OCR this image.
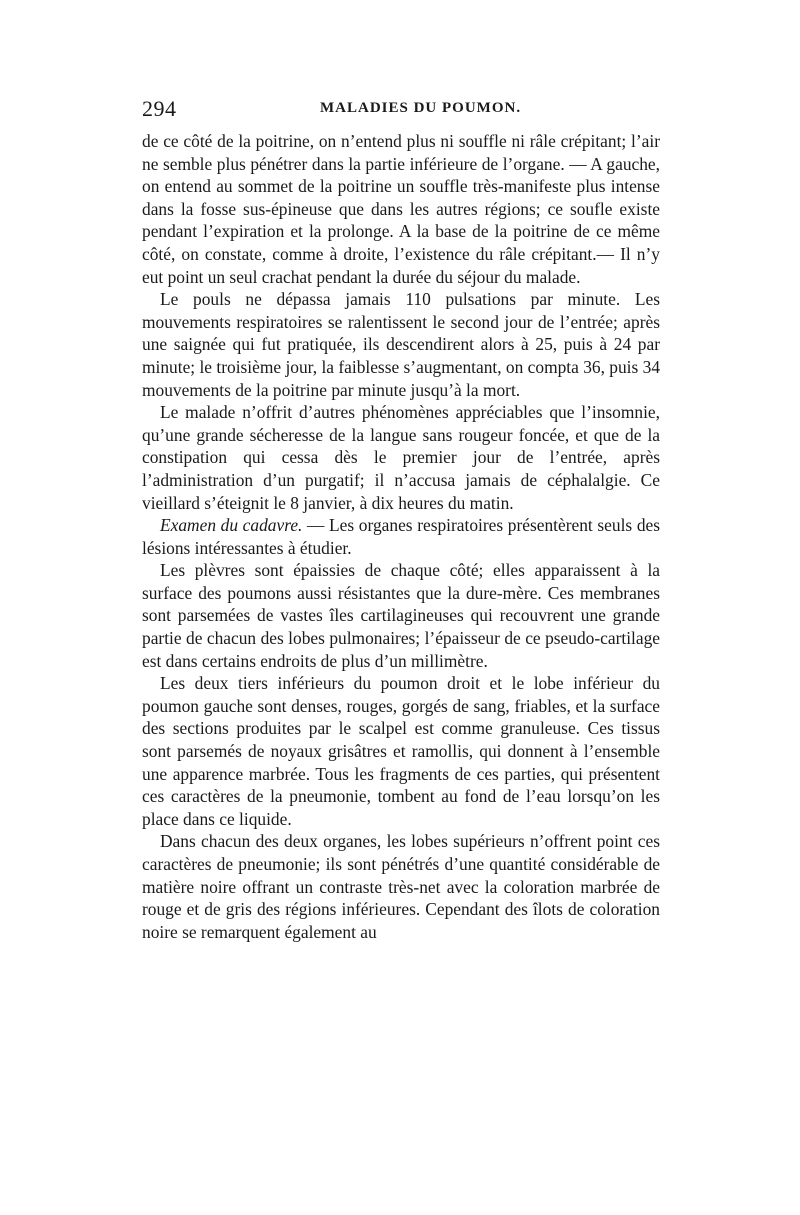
294	MALADIES DU POUMON.

de ce côté de la poitrine, on n’entend plus ni souffle ni râle crépitant; l’air ne semble plus pénétrer dans la partie inférieure de l’organe. — A gauche, on entend au sommet de la poitrine un souffle très-manifeste plus intense dans la fosse sus-épineuse que dans les autres régions; ce soufle existe pendant l’expiration et la prolonge. A la base de la poitrine de ce même côté, on constate, comme à droite, l’existence du râle crépitant.— Il n’y eut point un seul crachat pendant la durée du séjour du malade.

Le pouls ne dépassa jamais 110 pulsations par minute. Les mouvements respiratoires se ralentissent le second jour de l’entrée; après une saignée qui fut pratiquée, ils descendirent alors à 25, puis à 24 par minute; le troisième jour, la faiblesse s’augmentant, on compta 36, puis 34 mouvements de la poitrine par minute jusqu’à la mort.

Le malade n’offrit d’autres phénomènes appréciables que l’insomnie, qu’une grande sécheresse de la langue sans rougeur foncée, et que de la constipation qui cessa dès le premier jour de l’entrée, après l’administration d’un purgatif; il n’accusa jamais de céphalalgie. Ce vieillard s’éteignit le 8 janvier, à dix heures du matin.

Examen du cadavre. — Les organes respiratoires présentèrent seuls des lésions intéressantes à étudier.

Les plèvres sont épaissies de chaque côté; elles apparaissent à la surface des poumons aussi résistantes que la dure-mère. Ces membranes sont parsemées de vastes îles cartilagineuses qui recouvrent une grande partie de chacun des lobes pulmonaires; l’épaisseur de ce pseudo-cartilage est dans certains endroits de plus d’un millimètre.

Les deux tiers inférieurs du poumon droit et le lobe inférieur du poumon gauche sont denses, rouges, gorgés de sang, friables, et la surface des sections produites par le scalpel est comme granuleuse. Ces tissus sont parsemés de noyaux grisâtres et ramollis, qui donnent à l’ensemble une apparence marbrée. Tous les fragments de ces parties, qui présentent ces caractères de la pneumonie, tombent au fond de l’eau lorsqu’on les place dans ce liquide.

Dans chacun des deux organes, les lobes supérieurs n’offrent point ces caractères de pneumonie; ils sont pénétrés d’une quantité considérable de matière noire offrant un contraste très-net avec la coloration marbrée de rouge et de gris des régions inférieures. Cependant des îlots de coloration noire se remarquent également au
